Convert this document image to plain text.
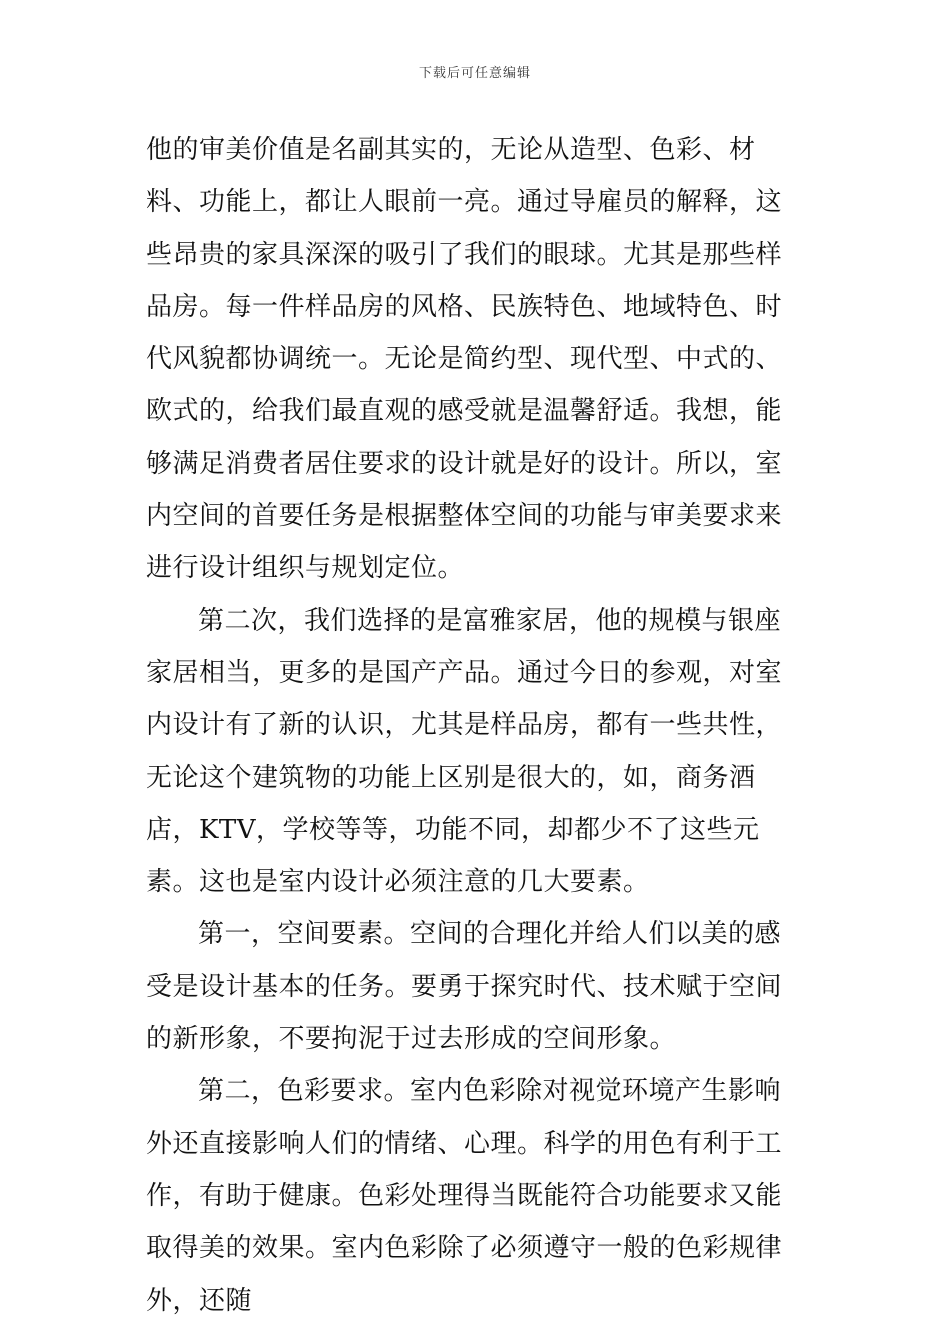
下载后可任意编辑

他的审美价值是名副其实的，无论从造型、色彩、材料、功能上，都让人眼前一亮。通过导雇员的解释，这些昂贵的家具深深的吸引了我们的眼球。尤其是那些样品房。每一件样品房的风格、民族特色、地域特色、时代风貌都协调统一。无论是简约型、现代型、中式的、欧式的，给我们最直观的感受就是温馨舒适。我想，能够满足消费者居住要求的设计就是好的设计。所以，室内空间的首要任务是根据整体空间的功能与审美要求来进行设计组织与规划定位。

第二次，我们选择的是富雅家居，他的规模与银座家居相当，更多的是国产产品。通过今日的参观，对室内设计有了新的认识，尤其是样品房，都有一些共性，无论这个建筑物的功能上区别是很大的，如，商务酒店，KTV，学校等等，功能不同，却都少不了这些元素。这也是室内设计必须注意的几大要素。

第一，空间要素。空间的合理化并给人们以美的感受是设计基本的任务。要勇于探究时代、技术赋于空间的新形象，不要拘泥于过去形成的空间形象。

第二，色彩要求。室内色彩除对视觉环境产生影响外还直接影响人们的情绪、心理。科学的用色有利于工作，有助于健康。色彩处理得当既能符合功能要求又能取得美的效果。室内色彩除了必须遵守一般的色彩规律外，还随
